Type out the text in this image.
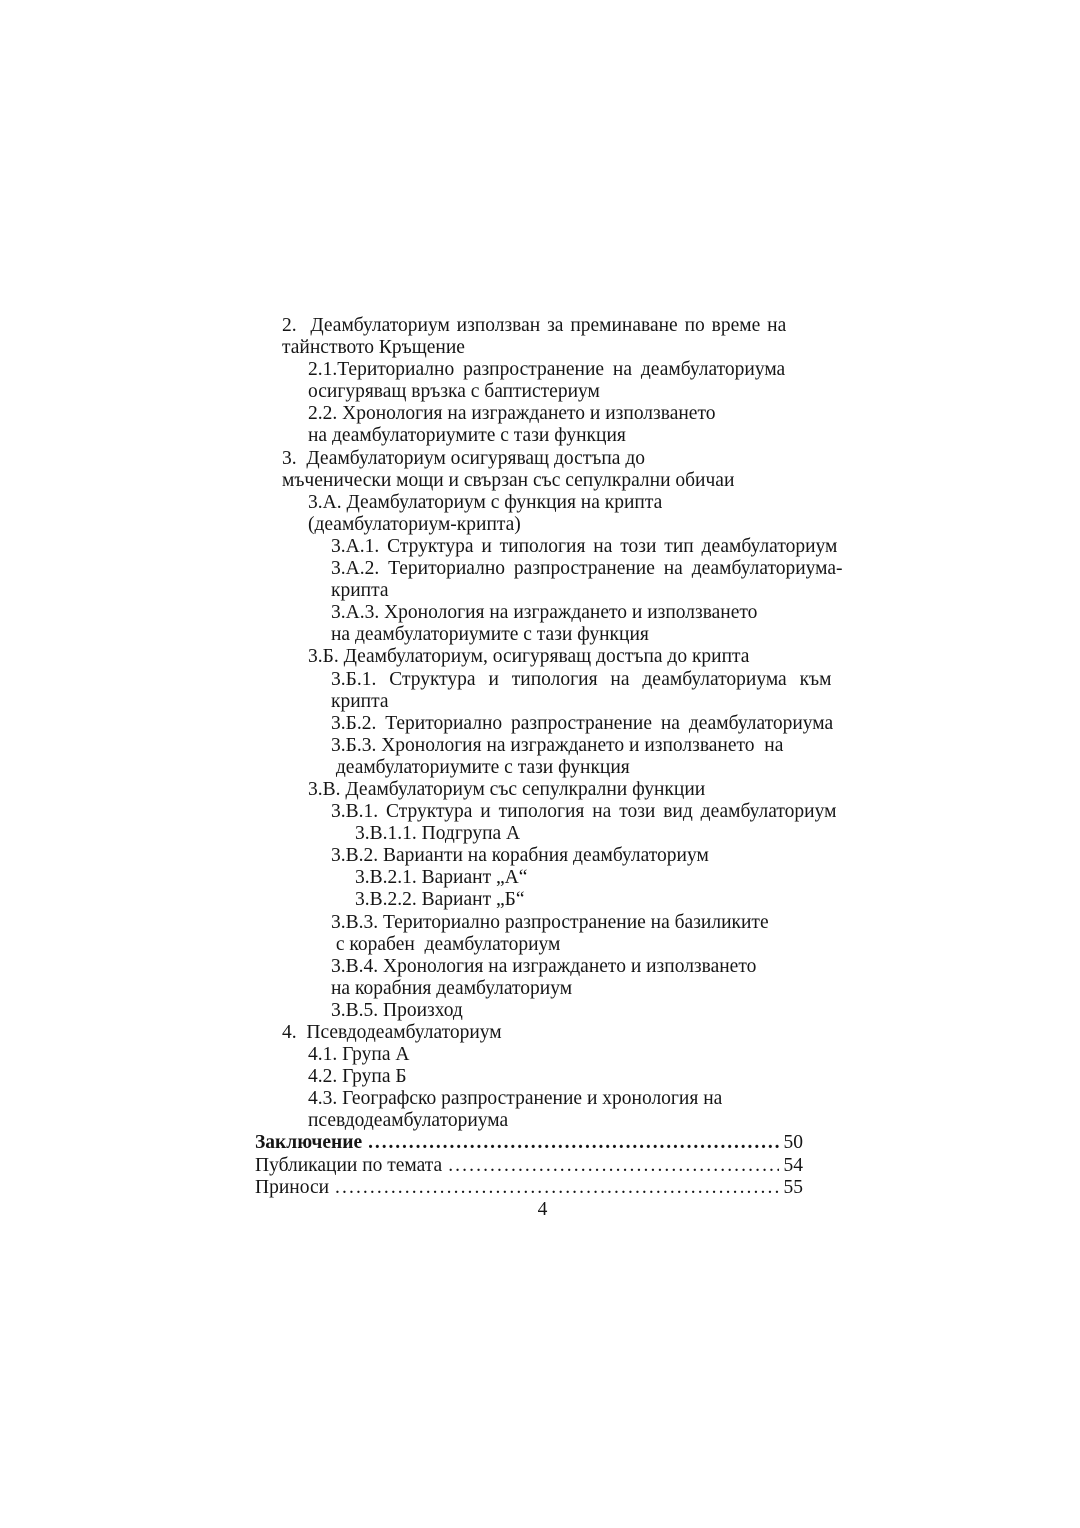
2.  Деамбулаториум използван за преминаване по време на
тайнството Кръщение
2.1.Териториално разпространение на деамбулаториума
осигуряващ връзка с баптистериум
2.2. Хронология на изграждането и използването
на деамбулаториумите с тази функция
3.  Деамбулаториум осигуряващ достъпа до
мъченически мощи и свързан със сепулкрални обичаи
3.А. Деамбулаториум с функция на крипта
(деамбулаториум-крипта)
3.А.1. Структура и типология на този тип деамбулаториум
3.А.2. Териториално разпространение на деамбулаториума-
крипта
3.А.3. Хронология на изграждането и използването
на деамбулаториумите с тази функция
3.Б. Деамбулаториум, осигуряващ достъпа до крипта
3.Б.1. Структура и типология на деамбулаториума към
крипта
3.Б.2. Териториално разпространение на деамбулаториума
3.Б.3. Хронология на изграждането и използването  на
деамбулаториумите с тази функция
3.В. Деамбулаториум със сепулкрални функции
3.В.1. Структура и типология на този вид деамбулаториум
3.В.1.1. Подгрупа А
3.В.2. Варианти на корабния деамбулаториум
3.В.2.1. Вариант „А“
3.В.2.2. Вариант „Б“
3.В.3. Териториално разпространение на базиликите
с корабен  деамбулаториум
3.В.4. Хронология на изграждането и използването
на корабния деамбулаториум
3.В.5. Произход
4.  Псевдодеамбулаториум
4.1. Група А
4.2. Група Б
4.3. Географско разпространение и хронология на
псевдодеамбулаториума
Заключение .....	50
Публикации по темата .....	54
Приноси .....	55
4
